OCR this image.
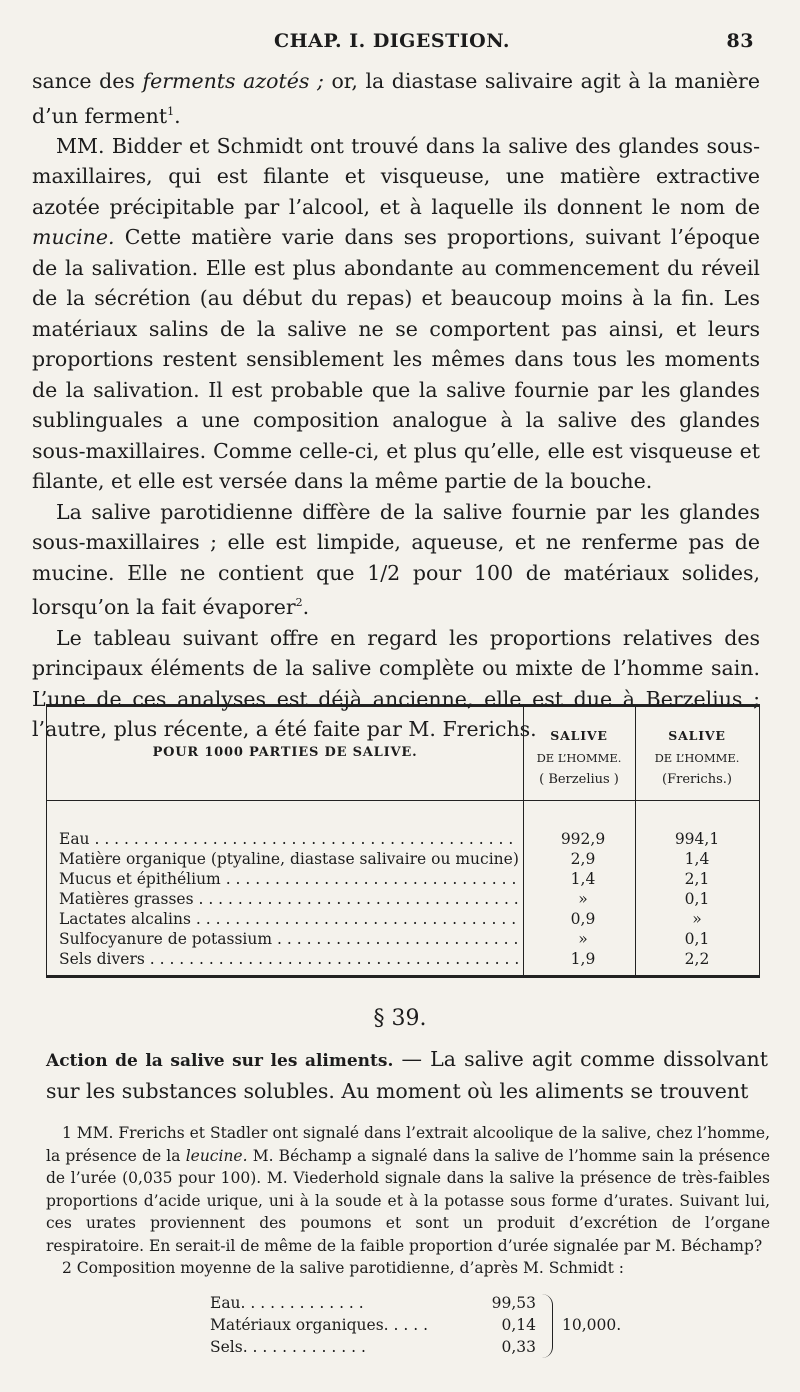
CHAP. I. DIGESTION.	83

sance des ferments azotés ; or, la diastase salivaire agit à la manière d’un ferment$^1$.

MM. Bidder et Schmidt ont trouvé dans la salive des glandes sous-maxillaires, qui est filante et visqueuse, une matière extractive azotée précipitable par l’alcool, et à laquelle ils donnent le nom de mucine. Cette matière varie dans ses proportions, suivant l’époque de la salivation. Elle est plus abondante au commencement du réveil de la sécrétion (au début du repas) et beaucoup moins à la fin. Les matériaux salins de la salive ne se comportent pas ainsi, et leurs proportions restent sensiblement les mêmes dans tous les moments de la salivation. Il est probable que la salive fournie par les glandes sublinguales a une composition analogue à la salive des glandes sous-maxillaires. Comme celle-ci, et plus qu’elle, elle est visqueuse et filante, et elle est versée dans la même partie de la bouche.

La salive parotidienne diffère de la salive fournie par les glandes sous-maxillaires ; elle est limpide, aqueuse, et ne renferme pas de mucine. Elle ne contient que 1/2 pour 100 de matériaux solides, lorsqu’on la fait évaporer$^2$.

Le tableau suivant offre en regard les proportions relatives des principaux éléments de la salive complète ou mixte de l’homme sain. L’une de ces analyses est déjà ancienne, elle est due à Berzelius ; l’autre, plus récente, a été faite par M. Frerichs.

POUR 1000 PARTIES DE SALIVE.
SALIVE
DE L’HOMME.
( Berzelius )
SALIVE
DE L’HOMME.
(Frerichs.)
Eau . . .	992,9	994,1
Matière organique (ptyaline, diastase salivaire ou mucine) . . .	2,9	1,4
Mucus et épithélium . . .	1,4	2,1
Matières grasses . . .	»	0,1
Lactates alcalins . . .	0,9	»
Sulfocyanure de potassium . . .	»	0,1
Sels divers . . .	1,9	2,2
§ 39.
Action de la salive sur les aliments. — La salive agit comme dissolvant sur les substances solubles. Au moment où les aliments se trouvent

1 MM. Frerichs et Stadler ont signalé dans l’extrait alcoolique de la salive, chez l’homme, la présence de la leucine. M. Béchamp a signalé dans la salive de l’homme sain la présence de l’urée (0,035 pour 100). M. Viederhold signale dans la salive la présence de très-faibles proportions d’acide urique, uni à la soude et à la potasse sous forme d’urates. Suivant lui, ces urates proviennent des poumons et sont un produit d’excrétion de l’organe respiratoire. En serait-il de même de la faible proportion d’urée signalée par M. Béchamp?

2 Composition moyenne de la salive parotidienne, d’après M. Schmidt :

Eau. . . . . . . . . . . . .	99,53
Matériaux organiques. . . . .	0,14
Sels. . . . . . . . . . . . .	0,33
10,000.
